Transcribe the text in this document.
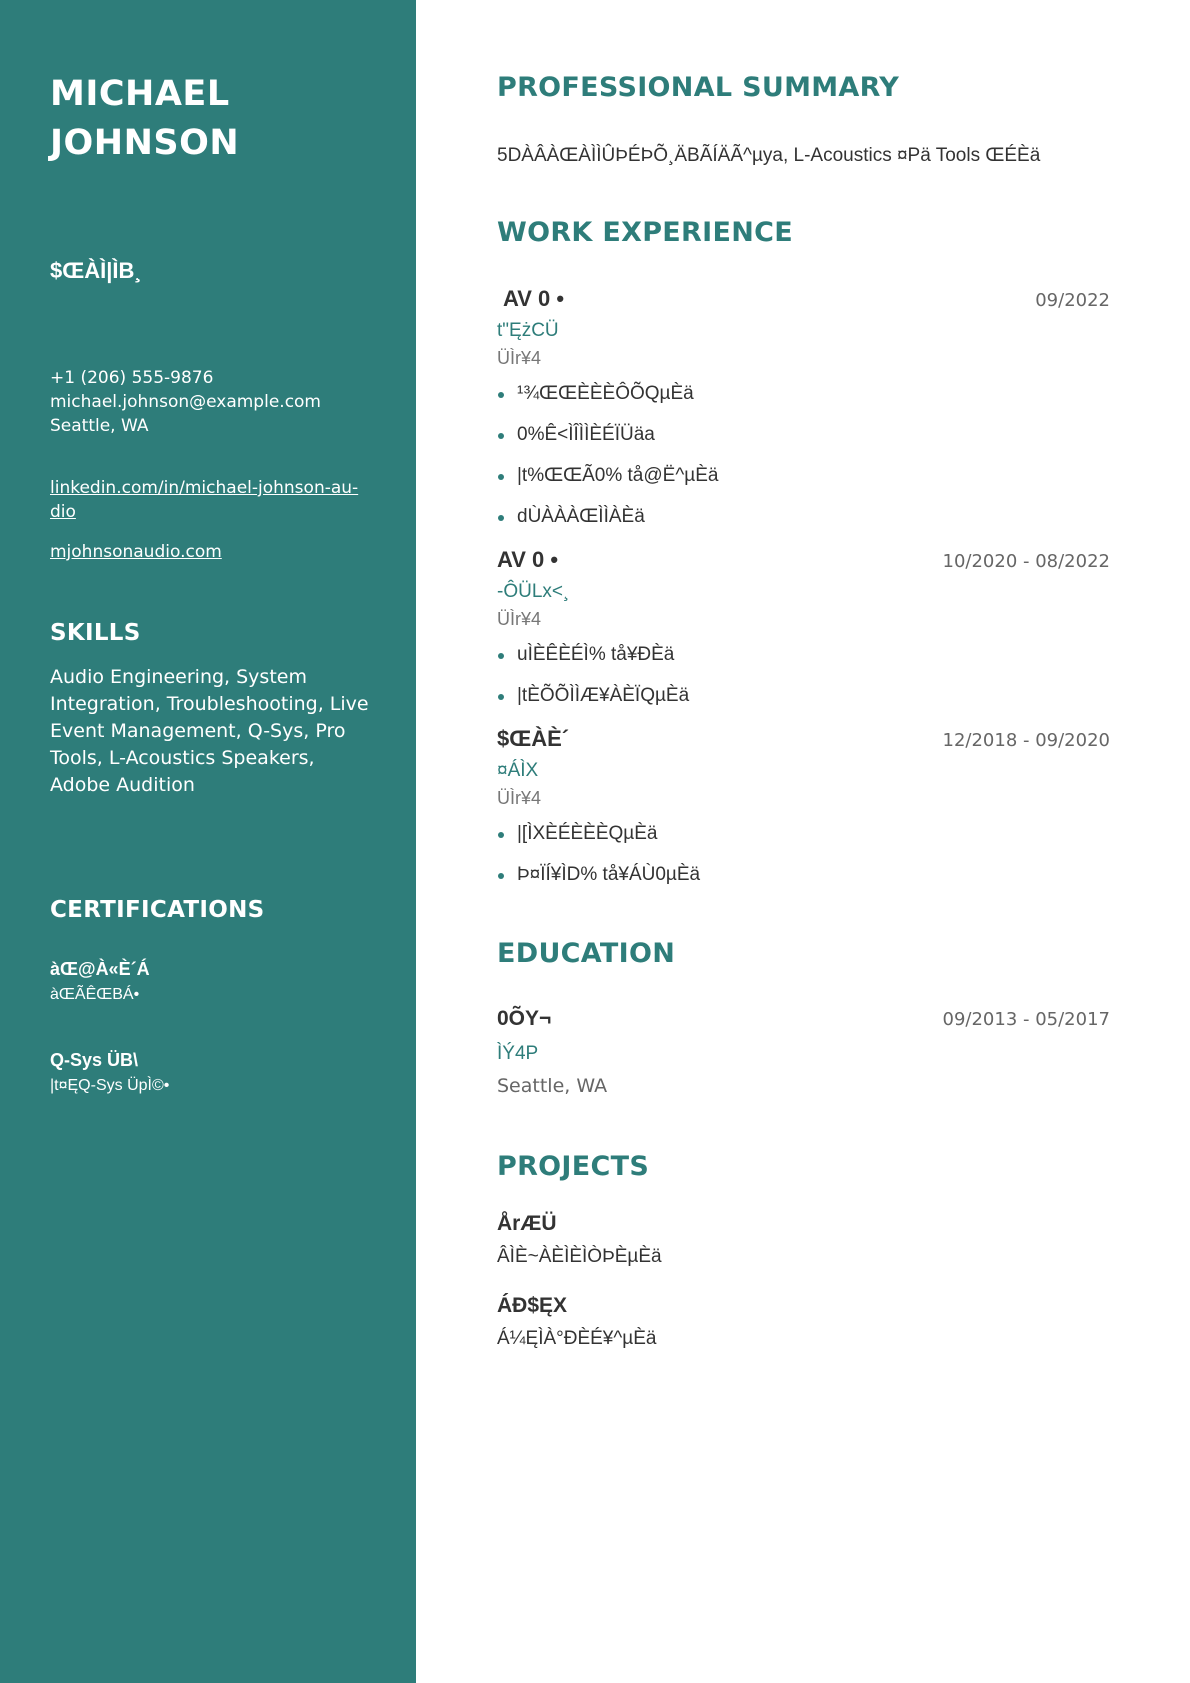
MICHAEL
JOHNSON
$ŒÀÌ|ÌB¸
+1 (206) 555-9876
michael.johnson@example.com
Seattle, WA
linkedin.com/in/michael-johnson-au-dio
mjohnsonaudio.com
SKILLS
Audio Engineering, System Integration, Troubleshooting, Live Event Management, Q-Sys, Pro Tools, L-Acoustics Speakers, Adobe Audition
CERTIFICATIONS
àŒ@À«È´Á
àŒÃÊŒBÁ•
Q-Sys ÜB\
|t¤ĘQ-Sys ÜpÌ©•
PROFESSIONAL SUMMARY
5DÀÂÀŒÀÌÌÛÞÉÞÕ¸ÄBÃÍÄÃ^µya, L-Acoustics ¤Pä Tools ŒÉÈä
WORK EXPERIENCE
AV 0 •	09/2022
t"ĘżCÜ
ÜÌr¥4
¹¾ŒŒÈÈÈÔÕQµÈä
0%Ê<ÌÎÌÌÈÉÏÜäa
|t%ŒŒÃ0% tå@Ë^µÈä
dÙÀÀÀŒÌÌÀÈä
AV 0 •	10/2020 - 08/2022
-ÔÜLx<¸
ÜÌr¥4
uÌÈÊÈÉÌ% tå¥ÐÈä
|tÈÕÕÌÌÆ¥ÀÈÏQµÈä
$ŒÀÈ´	12/2018 - 09/2020
¤ÁÌX
ÜÌr¥4
|[ÌXÈÉÈÈÈQµÈä
Þ¤ÏÍ¥ÌD% tå¥ÁÙ0µÈä
EDUCATION
0ÕY¬	09/2013 - 05/2017
ÌÝ4P
Seattle, WA
PROJECTS
ÅrÆÜ
ÂÌÈ~ÀÈÌÈÌÒÞÈµÈä
ÁÐ$ĘX
Á¼ĘÌÀ°ÐÈÉ¥^µÈä
